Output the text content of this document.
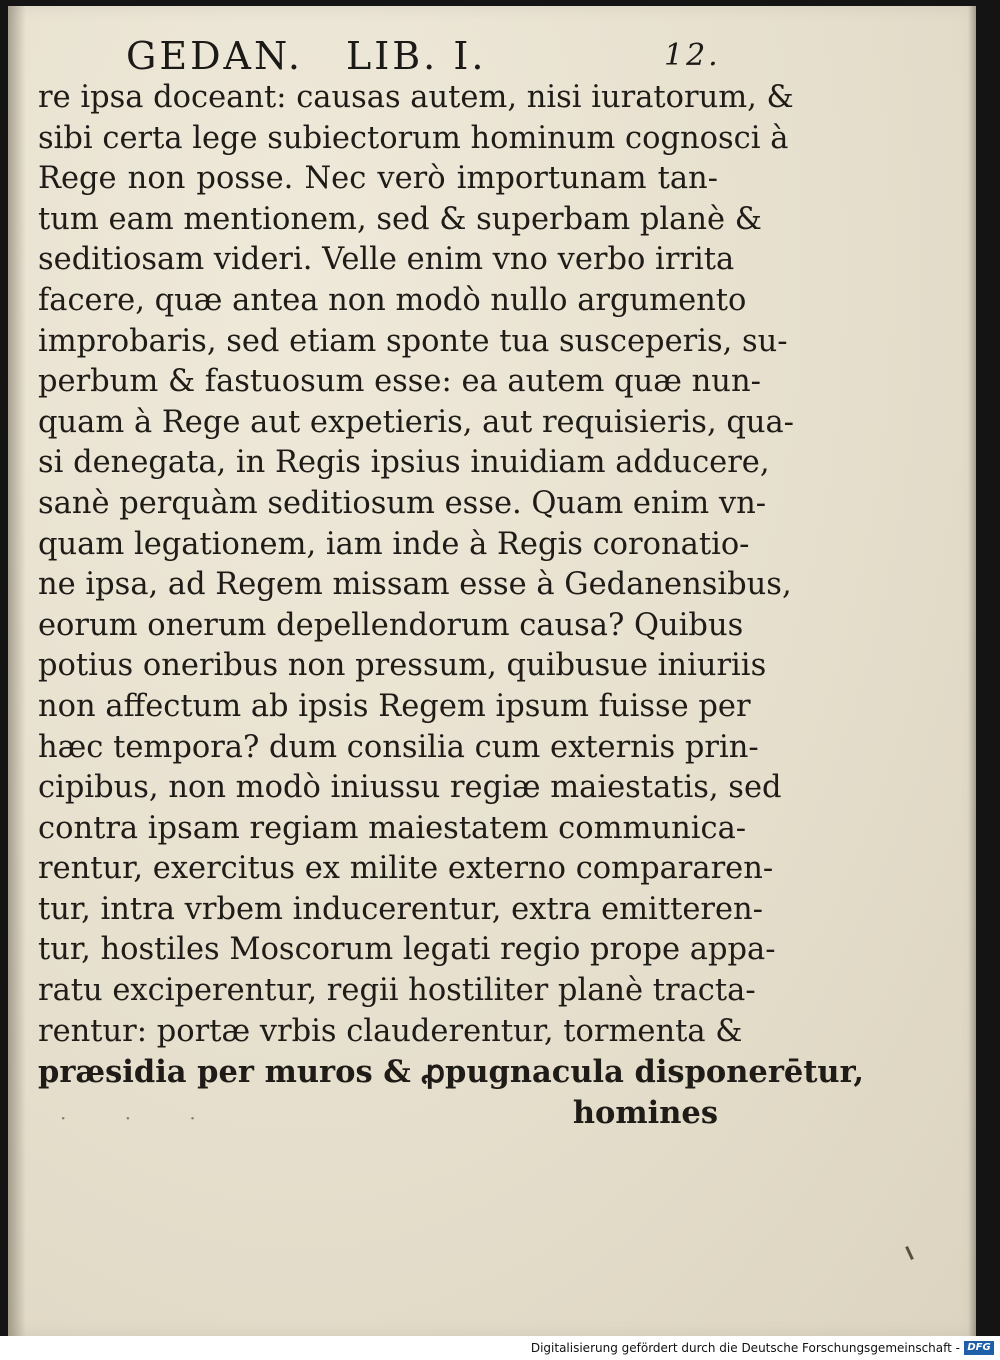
GEDAN. LIB. I.	12.
re ipsa doceant: causas autem, nisi iuratorum, &
sibi certa lege subiectorum hominum cognosci à
Rege non posse. Nec verò importunam tan-
tum eam mentionem, sed & superbam planè &
seditiosam videri. Velle enim vno verbo irrita
facere, quæ antea non modò nullo argumento
improbaris, sed etiam sponte tua susceperis, su-
perbum & fastuosum esse: ea autem quæ nun-
quam à Rege aut expetieris, aut requisieris, qua-
si denegata, in Regis ipsius inuidiam adducere,
sanè perquàm seditiosum esse. Quam enim vn-
quam legationem, iam inde à Regis coronatio-
ne ipsa, ad Regem missam esse à Gedanensibus,
eorum onerum depellendorum causa? Quibus
potius oneribus non pressum, quibusue iniuriis
non affectum ab ipsis Regem ipsum fuisse per
hæc tempora? dum consilia cum externis prin-
cipibus, non modò iniussu regiæ maiestatis, sed
contra ipsam regiam maiestatem communica-
rentur, exercitus ex milite externo compararen-
tur, intra vrbem inducerentur, extra emitteren-
tur, hostiles Moscorum legati regio prope appa-
ratu exciperentur, regii hostiliter planè tracta-
rentur: portæ vrbis clauderentur, tormenta &
præsidia per muros & ꝓpugnacula disponerētur,
homines
· · ·
Digitalisierung gefördert durch die Deutsche Forschungsgemeinschaft - DFG
